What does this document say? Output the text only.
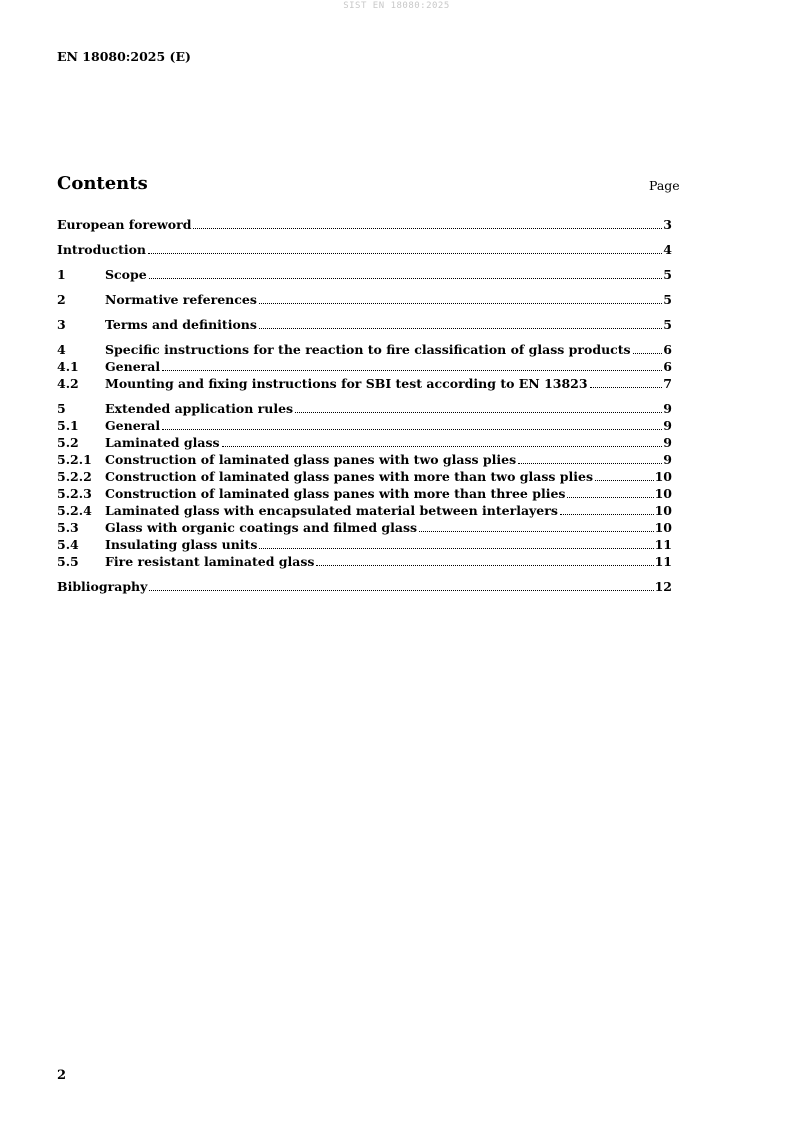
SIST EN 18080:2025
EN 18080:2025 (E)
Contents	Page
European foreword	3
Introduction	4
1	Scope	5
2	Normative references	5
3	Terms and definitions	5
4	Specific instructions for the reaction to fire classification of glass products	6
4.1	General	6
4.2	Mounting and fixing instructions for SBI test according to EN 13823	7
5	Extended application rules	9
5.1	General	9
5.2	Laminated glass	9
5.2.1	Construction of laminated glass panes with two glass plies	9
5.2.2	Construction of laminated glass panes with more than two glass plies	10
5.2.3	Construction of laminated glass panes with more than three plies	10
5.2.4	Laminated glass with encapsulated material between interlayers	10
5.3	Glass with organic coatings and filmed glass	10
5.4	Insulating glass units	11
5.5	Fire resistant laminated glass	11
Bibliography	12
2
